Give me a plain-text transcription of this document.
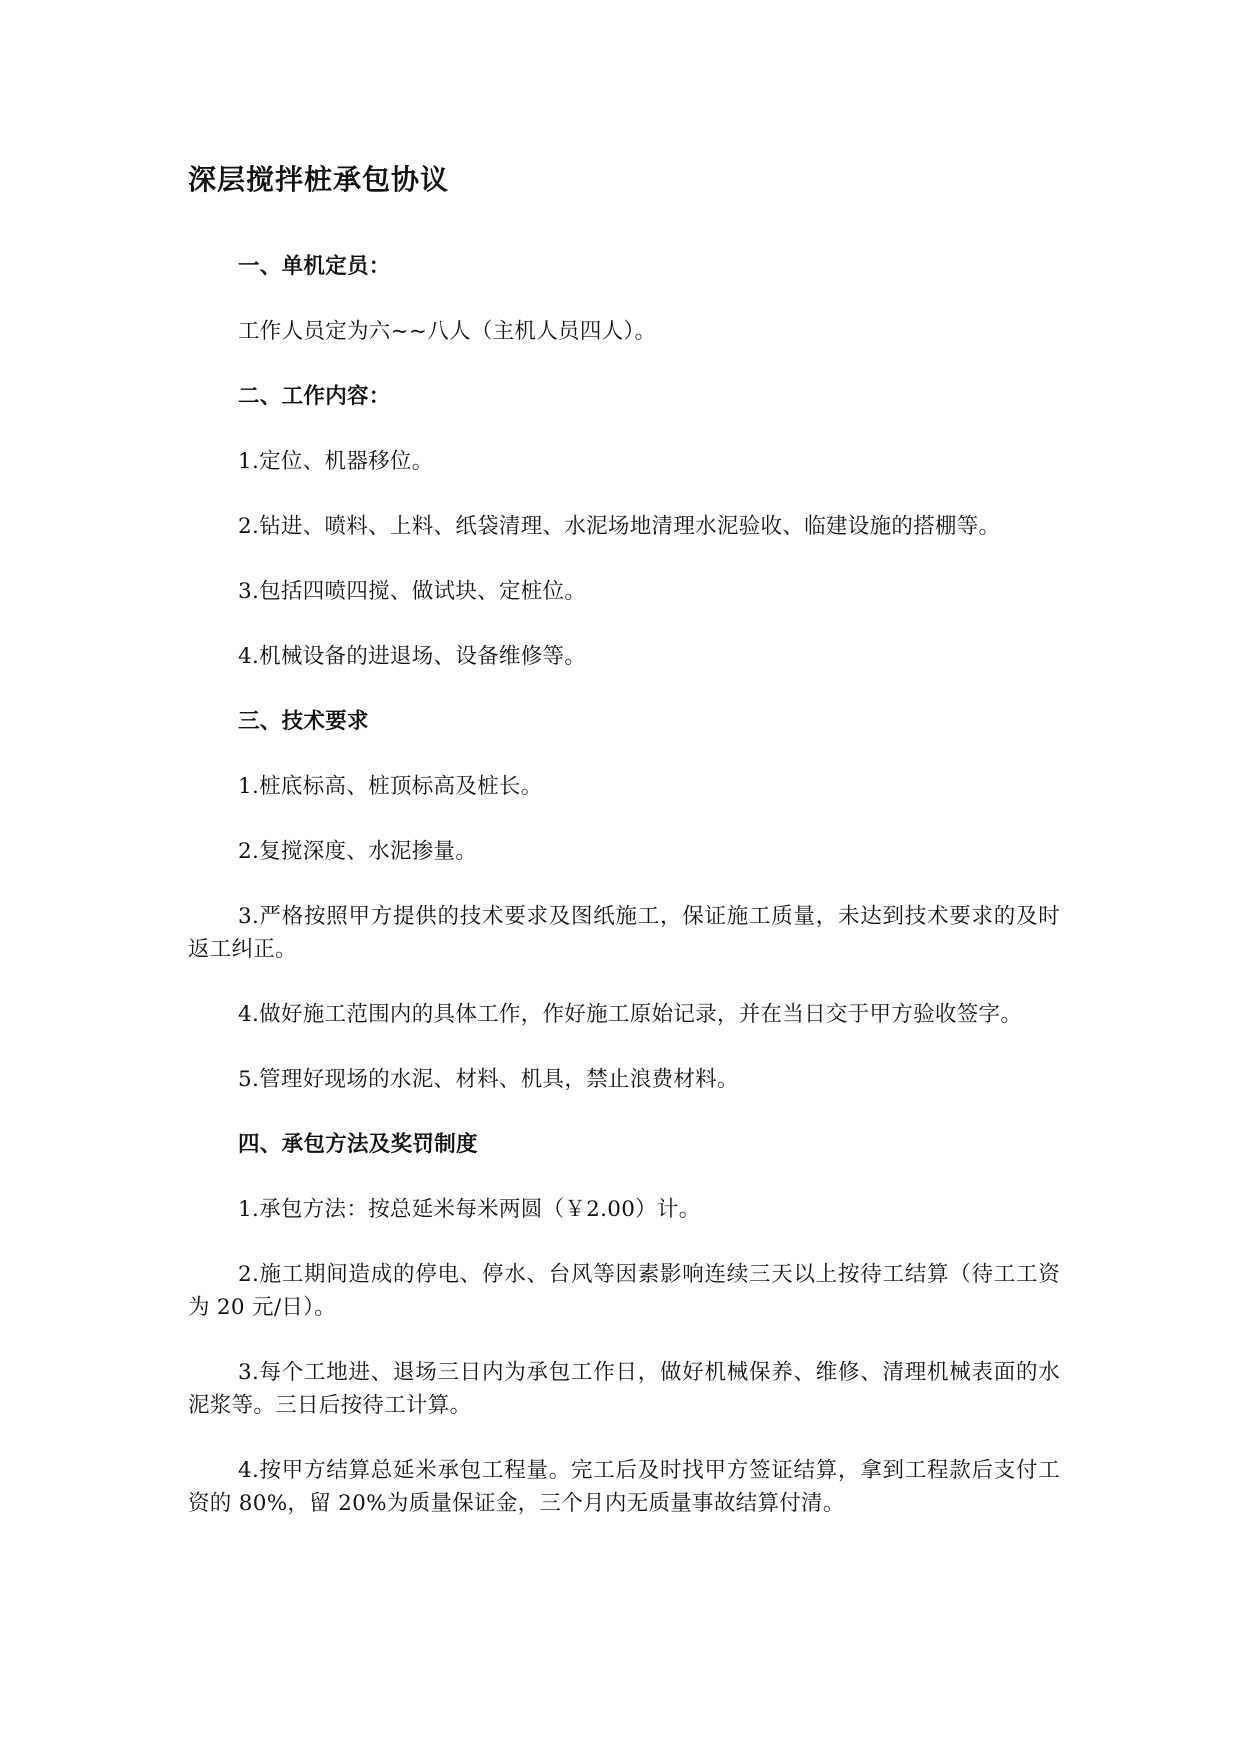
深层搅拌桩承包协议

一、单机定员：

工作人员定为六~~八人（主机人员四人）。

二、工作内容：

1.定位、机器移位。

2.钻进、喷料、上料、纸袋清理、水泥场地清理水泥验收、临建设施的搭棚等。

3.包括四喷四搅、做试块、定桩位。

4.机械设备的进退场、设备维修等。

三、技术要求

1.桩底标高、桩顶标高及桩长。

2.复搅深度、水泥掺量。

3.严格按照甲方提供的技术要求及图纸施工，保证施工质量，未达到技术要求的及时返工纠正。

4.做好施工范围内的具体工作，作好施工原始记录，并在当日交于甲方验收签字。

5.管理好现场的水泥、材料、机具，禁止浪费材料。

四、承包方法及奖罚制度

1.承包方法：按总延米每米两圆（￥2.00）计。

2.施工期间造成的停电、停水、台风等因素影响连续三天以上按待工结算（待工工资为 20 元/日）。

3.每个工地进、退场三日内为承包工作日，做好机械保养、维修、清理机械表面的水泥浆等。三日后按待工计算。

4.按甲方结算总延米承包工程量。完工后及时找甲方签证结算，拿到工程款后支付工资的 80%，留 20%为质量保证金，三个月内无质量事故结算付清。
